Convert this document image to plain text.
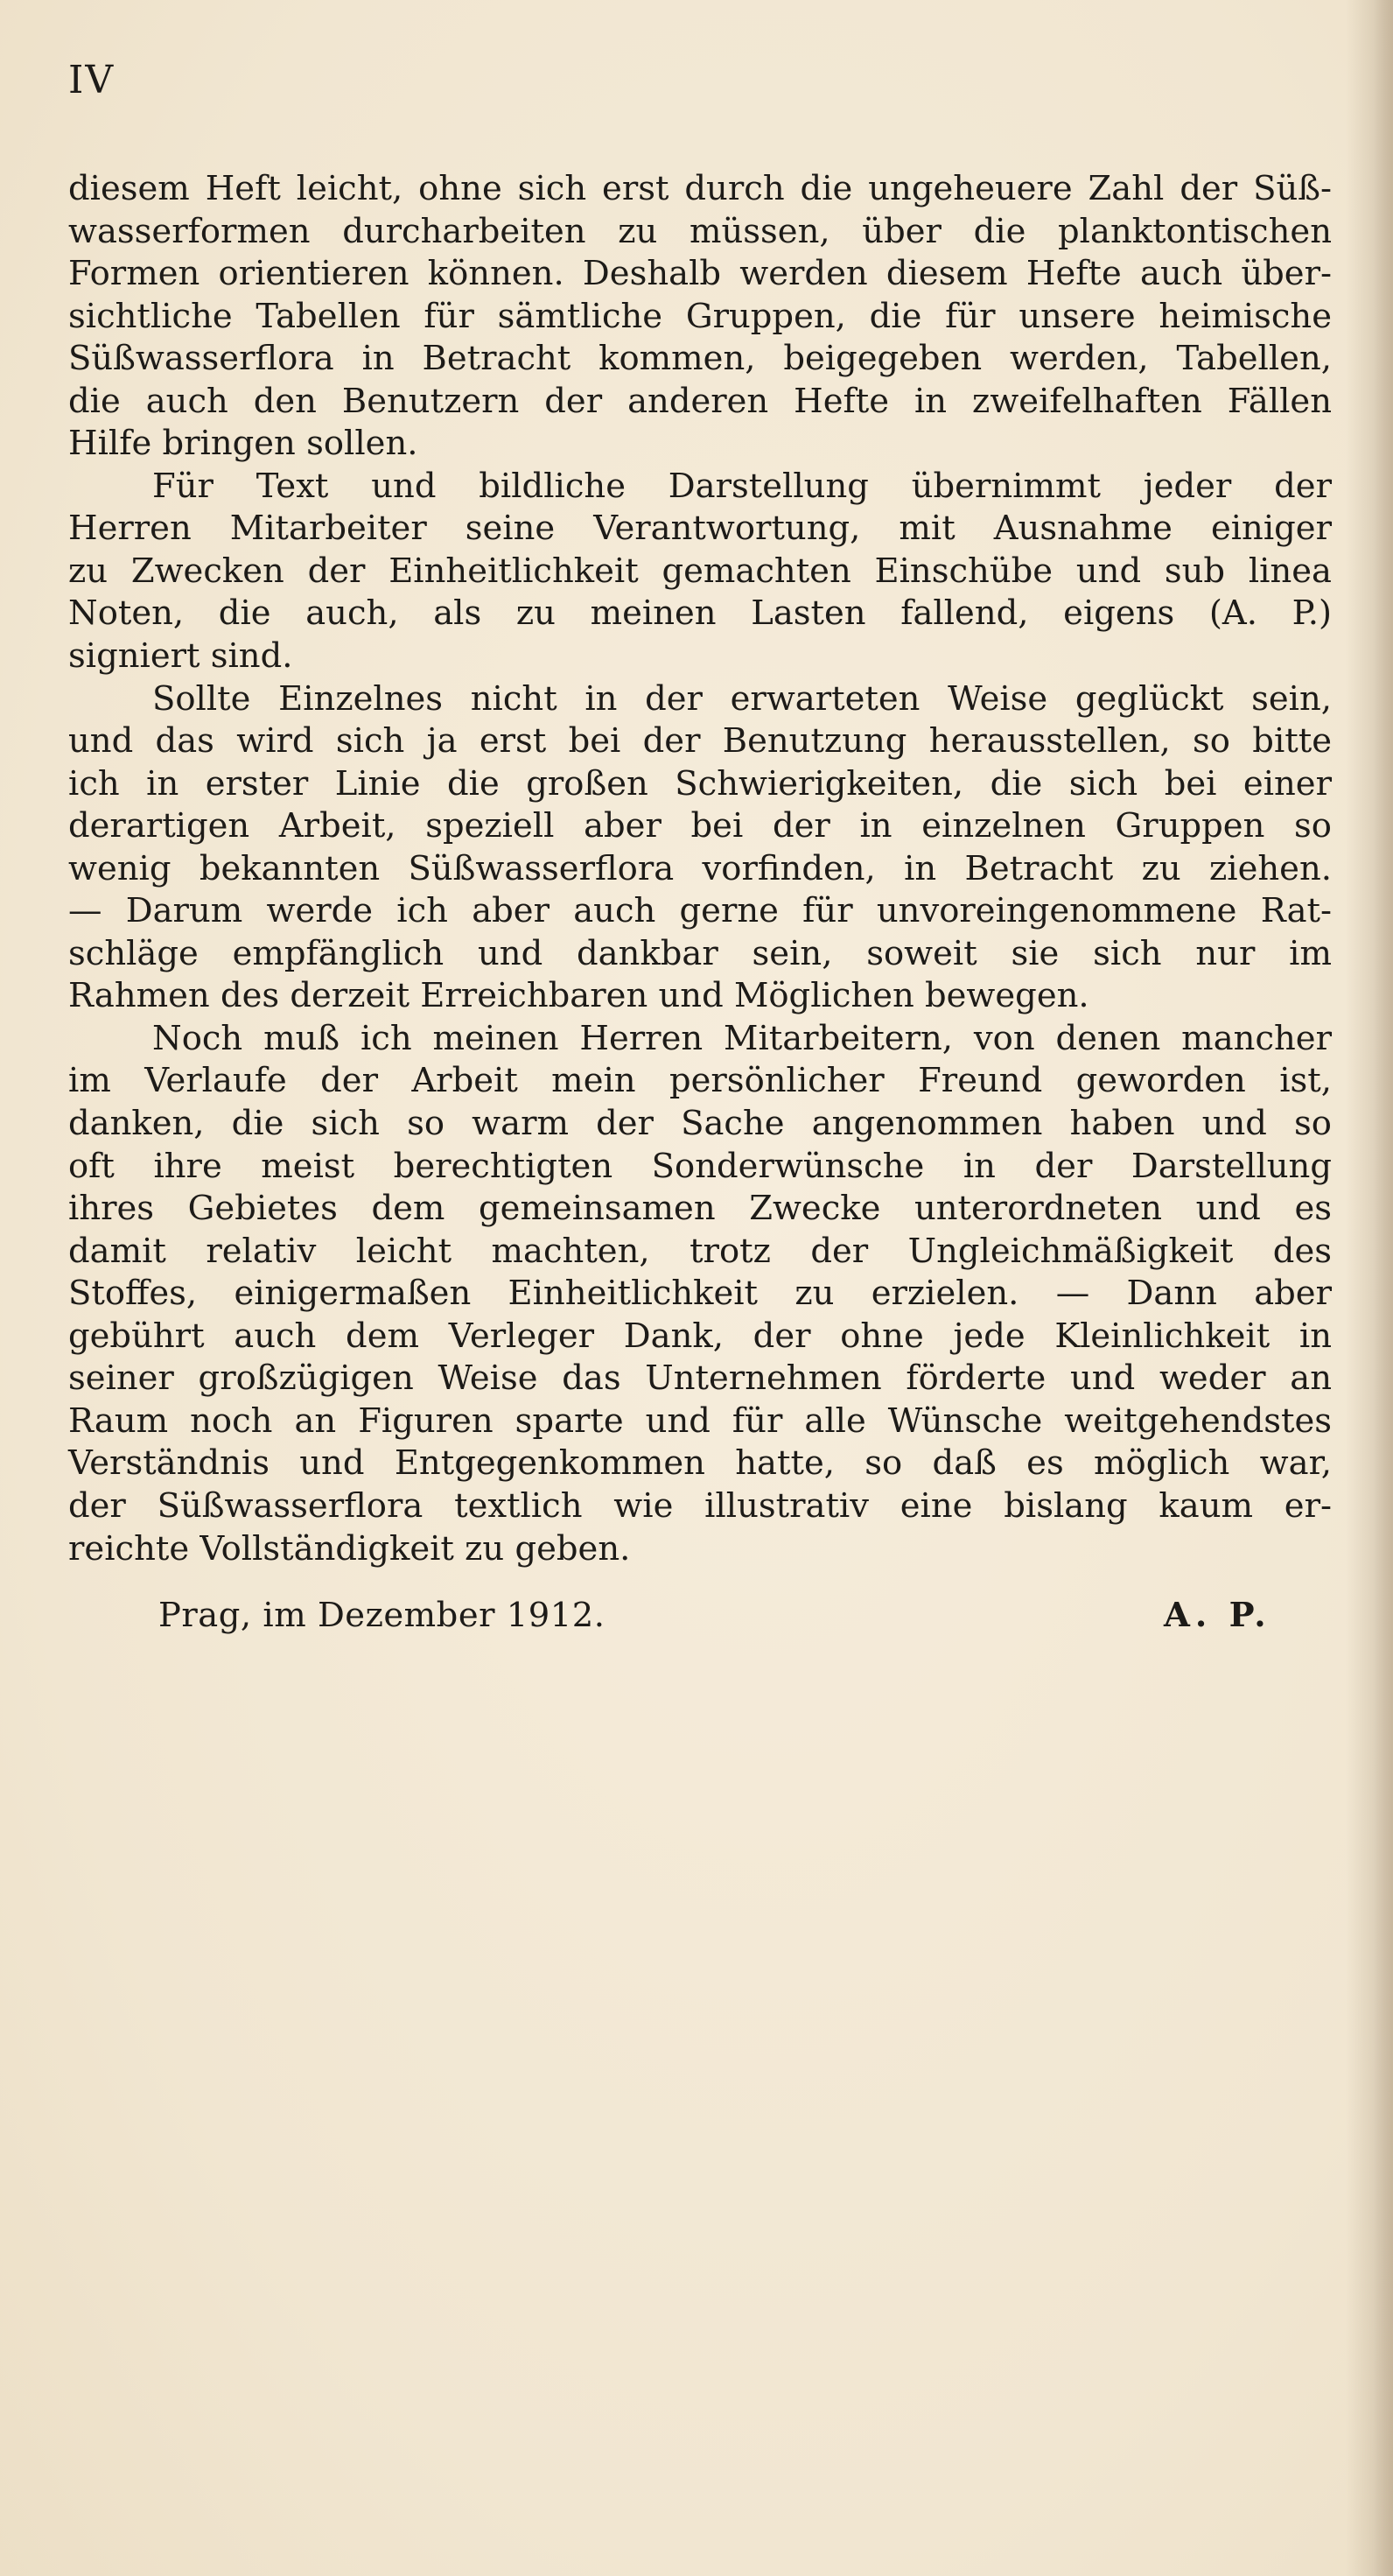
IV
diesem Heft leicht, ohne sich erst durch die ungeheuere Zahl der Süß-
wasserformen durcharbeiten zu müssen, über die planktontischen
Formen orientieren können. Deshalb werden diesem Hefte auch über-
sichtliche Tabellen für sämtliche Gruppen, die für unsere heimische
Süßwasserflora in Betracht kommen, beigegeben werden, Tabellen,
die auch den Benutzern der anderen Hefte in zweifelhaften Fällen
Hilfe bringen sollen.
Für Text und bildliche Darstellung übernimmt jeder der
Herren Mitarbeiter seine Verantwortung, mit Ausnahme einiger
zu Zwecken der Einheitlichkeit gemachten Einschübe und sub linea
Noten, die auch, als zu meinen Lasten fallend, eigens (A. P.)
signiert sind.
Sollte Einzelnes nicht in der erwarteten Weise geglückt sein,
und das wird sich ja erst bei der Benutzung herausstellen, so bitte
ich in erster Linie die großen Schwierigkeiten, die sich bei einer
derartigen Arbeit, speziell aber bei der in einzelnen Gruppen so
wenig bekannten Süßwasserflora vorfinden, in Betracht zu ziehen.
— Darum werde ich aber auch gerne für unvoreingenommene Rat-
schläge empfänglich und dankbar sein, soweit sie sich nur im
Rahmen des derzeit Erreichbaren und Möglichen bewegen.
Noch muß ich meinen Herren Mitarbeitern, von denen mancher
im Verlaufe der Arbeit mein persönlicher Freund geworden ist,
danken, die sich so warm der Sache angenommen haben und so
oft ihre meist berechtigten Sonderwünsche in der Darstellung
ihres Gebietes dem gemeinsamen Zwecke unterordneten und es
damit relativ leicht machten, trotz der Ungleichmäßigkeit des
Stoffes, einigermaßen Einheitlichkeit zu erzielen. — Dann aber
gebührt auch dem Verleger Dank, der ohne jede Kleinlichkeit in
seiner großzügigen Weise das Unternehmen förderte und weder an
Raum noch an Figuren sparte und für alle Wünsche weitgehendstes
Verständnis und Entgegenkommen hatte, so daß es möglich war,
der Süßwasserflora textlich wie illustrativ eine bislang kaum er-
reichte Vollständigkeit zu geben.
Prag, im Dezember 1912.	A. P.
